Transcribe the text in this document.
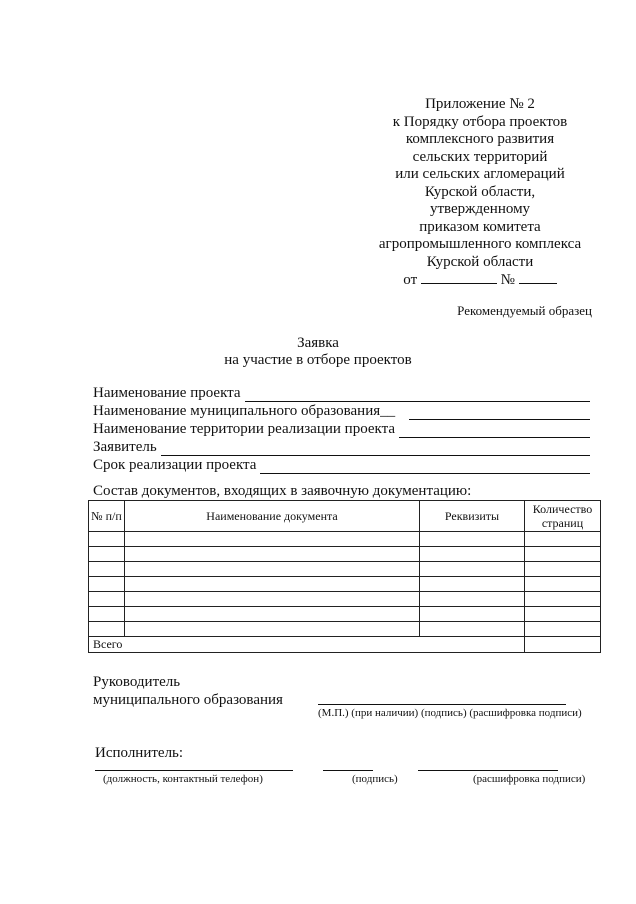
Приложение № 2
к Порядку отбора проектов
комплексного развития
сельских территорий
или сельских агломераций
Курской области,
утвержденному
приказом комитета
агропромышленного комплекса
Курской области
от	№
Рекомендуемый образец
Заявка
на участие в отборе проектов
Наименование проекта
Наименование муниципального образования__
Наименование территории реализации проекта
Заявитель
Срок реализации проекта
Состав документов, входящих в заявочную документацию:
№ п/п	Наименование документа	Реквизиты	Количество страниц

Всего			
Руководитель
муниципального образования
(М.П.) (при наличии) (подпись) (расшифровка подписи)
Исполнитель:
(должность, контактный телефон)	(подпись)	(расшифровка подписи)
